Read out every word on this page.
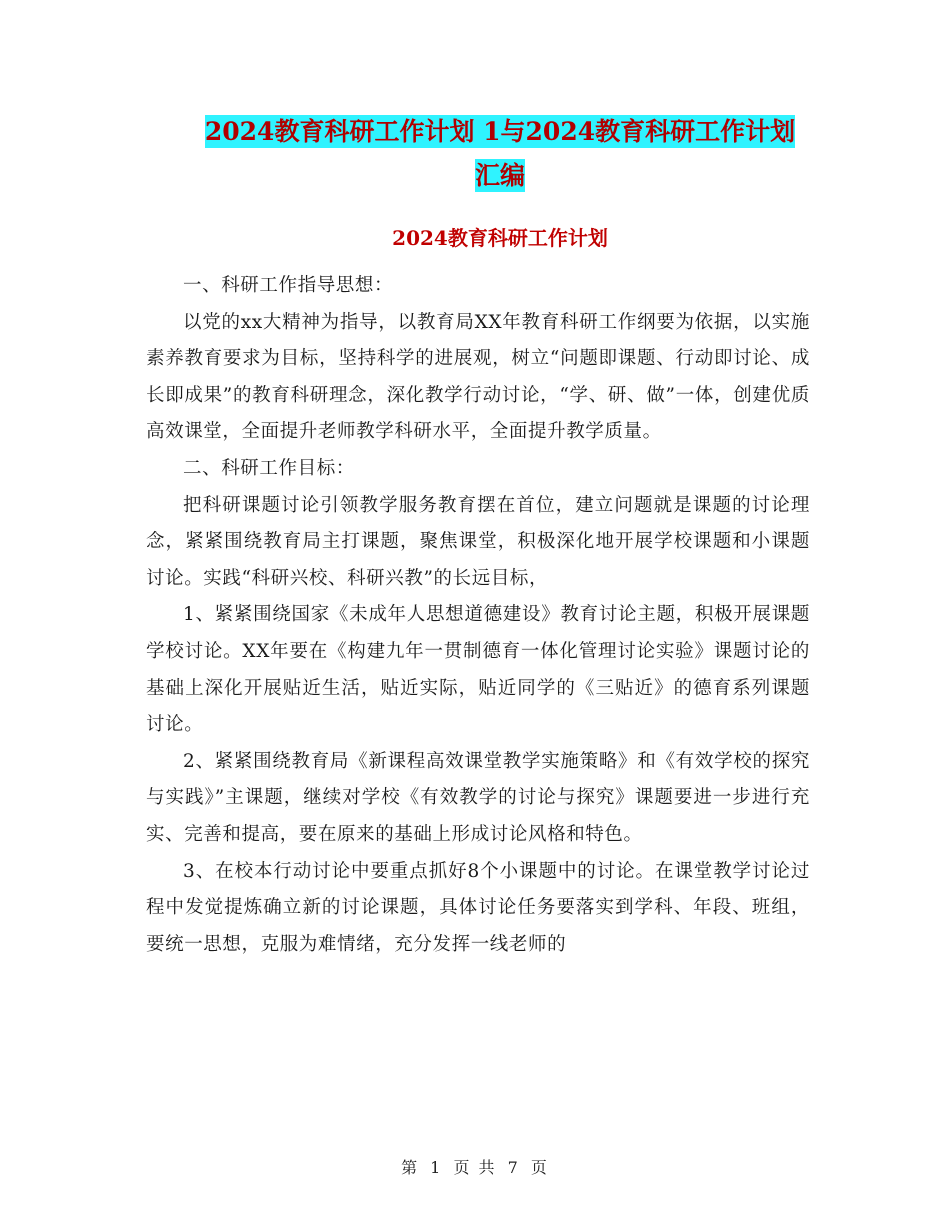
2024教育科研工作计划 1与2024教育科研工作计划
汇编
2024教育科研工作计划

一、科研工作指导思想：

以党的xx大精神为指导，以教育局XX年教育科研工作纲要为依据，以实施素养教育要求为目标，坚持科学的进展观，树立“问题即课题、行动即讨论、成长即成果”的教育科研理念，深化教学行动讨论，“学、研、做”一体，创建优质高效课堂，全面提升老师教学科研水平，全面提升教学质量。

二、科研工作目标：

把科研课题讨论引领教学服务教育摆在首位，建立问题就是课题的讨论理念，紧紧围绕教育局主打课题，聚焦课堂，积极深化地开展学校课题和小课题讨论。实践“科研兴校、科研兴教”的长远目标，

1、紧紧围绕国家《未成年人思想道德建设》教育讨论主题，积极开展课题学校讨论。XX年要在《构建九年一贯制德育一体化管理讨论实验》课题讨论的基础上深化开展贴近生活，贴近实际，贴近同学的《三贴近》的德育系列课题讨论。

2、紧紧围绕教育局《新课程高效课堂教学实施策略》和《有效学校的探究与实践》”主课题，继续对学校《有效教学的讨论与探究》课题要进一步进行充实、完善和提高，要在原来的基础上形成讨论风格和特色。

3、在校本行动讨论中要重点抓好8个小课题中的讨论。在课堂教学讨论过程中发觉提炼确立新的讨论课题，具体讨论任务要落实到学科、年段、班组，要统一思想，克服为难情绪，充分发挥一线老师的

第 1 页 共 7 页
